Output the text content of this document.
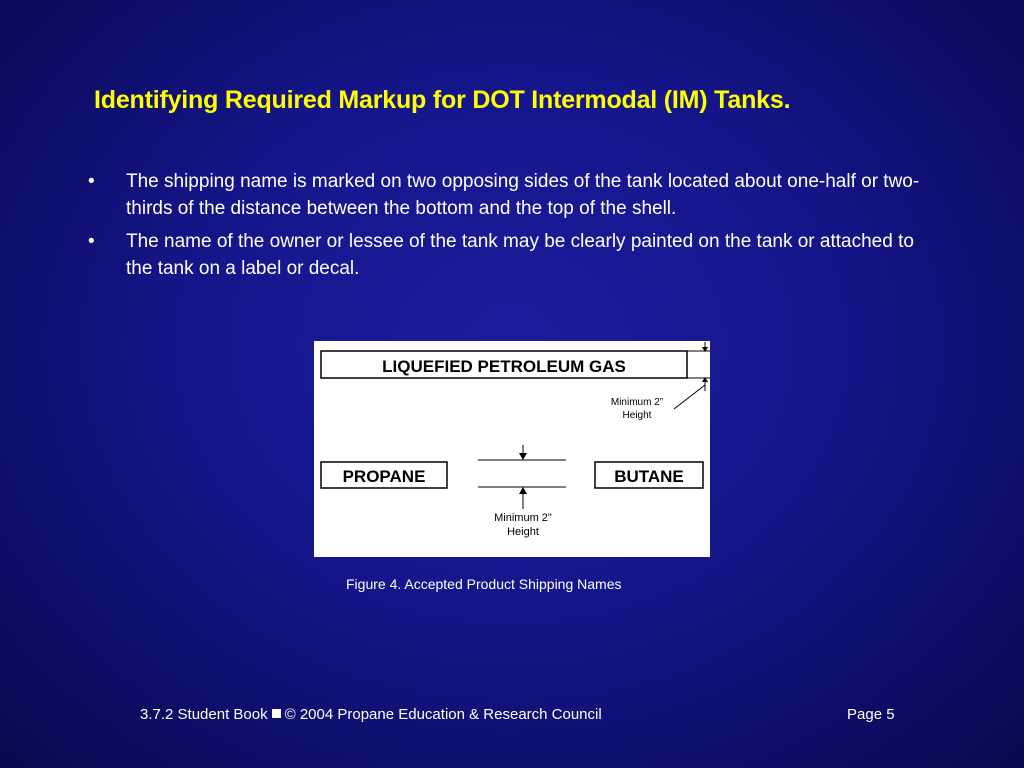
Identifying Required Markup for DOT Intermodal (IM) Tanks.
• The shipping name is marked on two opposing sides of the tank located about one-half or two-thirds of the distance between the bottom and the top of the shell.
• The name of the owner or lessee of the tank may be clearly painted on the tank or attached to the tank on a label or decal.
LIQUEFIED PETROLEUM GAS
Minimum 2”
Height
PROPANE	BUTANE
Minimum 2"
Height
Figure 4. Accepted Product Shipping Names
3.7.2 Student Book © 2004 Propane Education & Research Council	Page 5
